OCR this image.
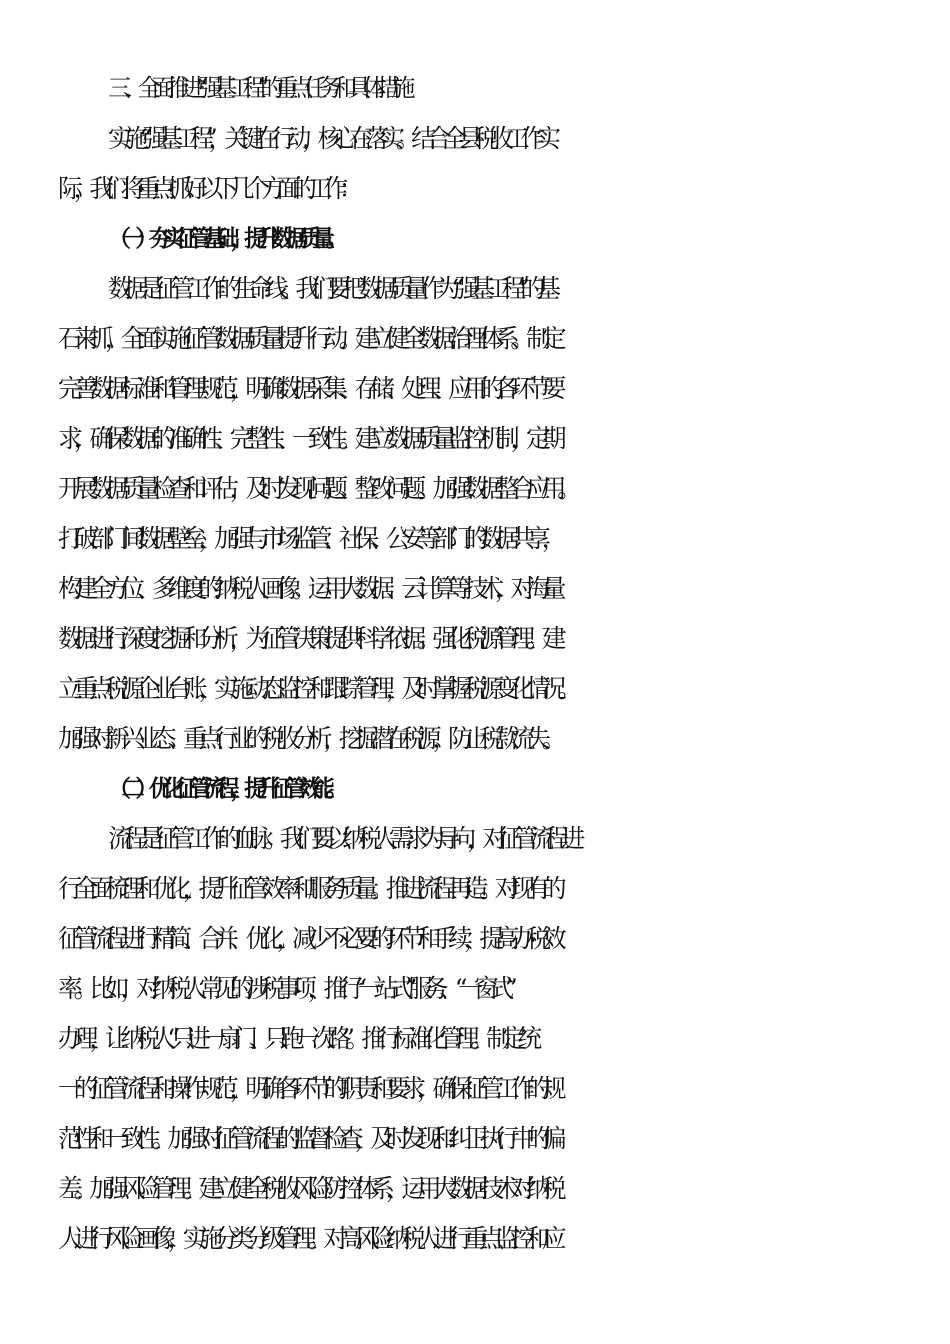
三、全面推进“强基工程”的重点任务和具体措施
实施“强基工程”，关键在行动，核心在落实。结合全县税收工作实
际，我们将重点抓好以下几个方面的工作：
（一）夯实征管基础，提升数据质量。
数据是征管工作的生命线。我们要把数据质量作为“强基工程”的基
石来抓，全面实施征管数据质量提升行动。建立健全数据治理体系。制定
完善数据标准和管理规范，明确数据采集、存储、处理、应用的各环节要
求，确保数据的准确性、完整性、一致性。建立数据质量监控机制，定期
开展数据质量检查和评估，及时发现问题、整改问题。加强数据整合应用。
打破部门间数据壁垒，加强与市场监管、社保、公安等部门的数据共享，
构建全方位、多维度的纳税人画像。运用大数据、云计算等技术，对海量
数据进行深度挖掘和分析，为征管决策提供科学依据。强化税源管理。建
立重点税源企业台账，实施动态监控和跟踪管理，及时掌握税源变化情况。
加强对新兴业态、重点行业的税收分析，挖掘潜在税源，防止税款流失。
（二）优化征管流程，提升征管效能。
流程是征管工作的血脉。我们要以纳税人需求为导向，对征管流程进
行全面梳理和优化，提升征管效率和服务质量。推进流程再造。对现有的
征管流程进行精简、合并、优化，减少不必要的环节和手续，提高办税效
率。比如，对纳税人常见的涉税事项，推行“一站式”服务、“一窗式”
办理，让纳税人“只进一扇门、只跑一次路”。推行标准化管理。制定统
一的征管流程和操作规范，明确各环节的职责和要求，确保征管工作的规
范性和一致性。加强对征管流程的监督检查，及时发现和纠正执行中的偏
差。加强风险管理。建立健全税收风险防控体系，运用大数据技术对纳税
人进行风险画像，实施分类分级管理。对高风险纳税人进行重点监控和应
